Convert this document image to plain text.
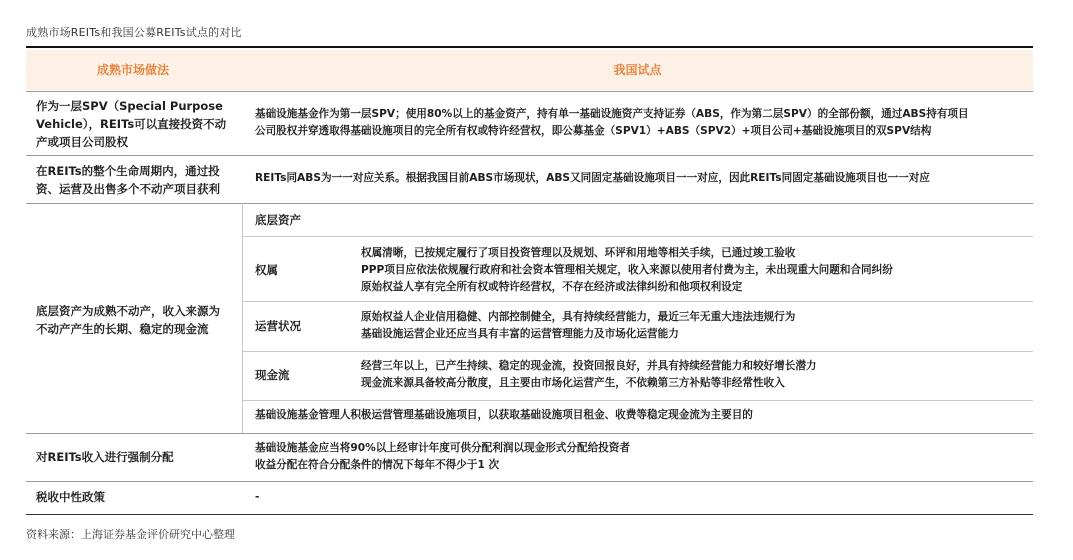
成熟市场REITs和我国公募REITs试点的对比
成熟市场做法	我国试点
作为一层SPV（Special Purpose
Vehicle），REITs可以直接投资不动
产或项目公司股权
基础设施基金作为第一层SPV；使用80%以上的基金资产，持有单一基础设施资产支持证券（ABS，作为第二层SPV）的全部份额，通过ABS持有项目
公司股权并穿透取得基础设施项目的完全所有权或特许经营权，即公募基金（SPV1）+ABS（SPV2）+项目公司+基础设施项目的双SPV结构
在REITs的整个生命周期内，通过投
资、运营及出售多个不动产项目获利
REITs同ABS为一一对应关系。根据我国目前ABS市场现状，ABS又同固定基础设施项目一一对应，因此REITs同固定基础设施项目也一一对应
底层资产为成熟不动产，收入来源为
不动产产生的长期、稳定的现金流
底层资产
权属
权属清晰，已按规定履行了项目投资管理以及规划、环评和用地等相关手续，已通过竣工验收
PPP项目应依法依规履行政府和社会资本管理相关规定，收入来源以使用者付费为主，未出现重大问题和合同纠纷
原始权益人享有完全所有权或特许经营权，不存在经济或法律纠纷和他项权利设定
运营状况
原始权益人企业信用稳健、内部控制健全，具有持续经营能力，最近三年无重大违法违规行为
基础设施运营企业还应当具有丰富的运营管理能力及市场化运营能力
现金流
经营三年以上，已产生持续、稳定的现金流，投资回报良好，并具有持续经营能力和较好增长潜力
现金流来源具备较高分散度，且主要由市场化运营产生，不依赖第三方补贴等非经常性收入
基础设施基金管理人积极运营管理基础设施项目，以获取基础设施项目租金、收费等稳定现金流为主要目的
对REITs收入进行强制分配
基础设施基金应当将90%以上经审计年度可供分配利润以现金形式分配给投资者
收益分配在符合分配条件的情况下每年不得少于1 次
税收中性政策	-
资料来源：上海证券基金评价研究中心整理
